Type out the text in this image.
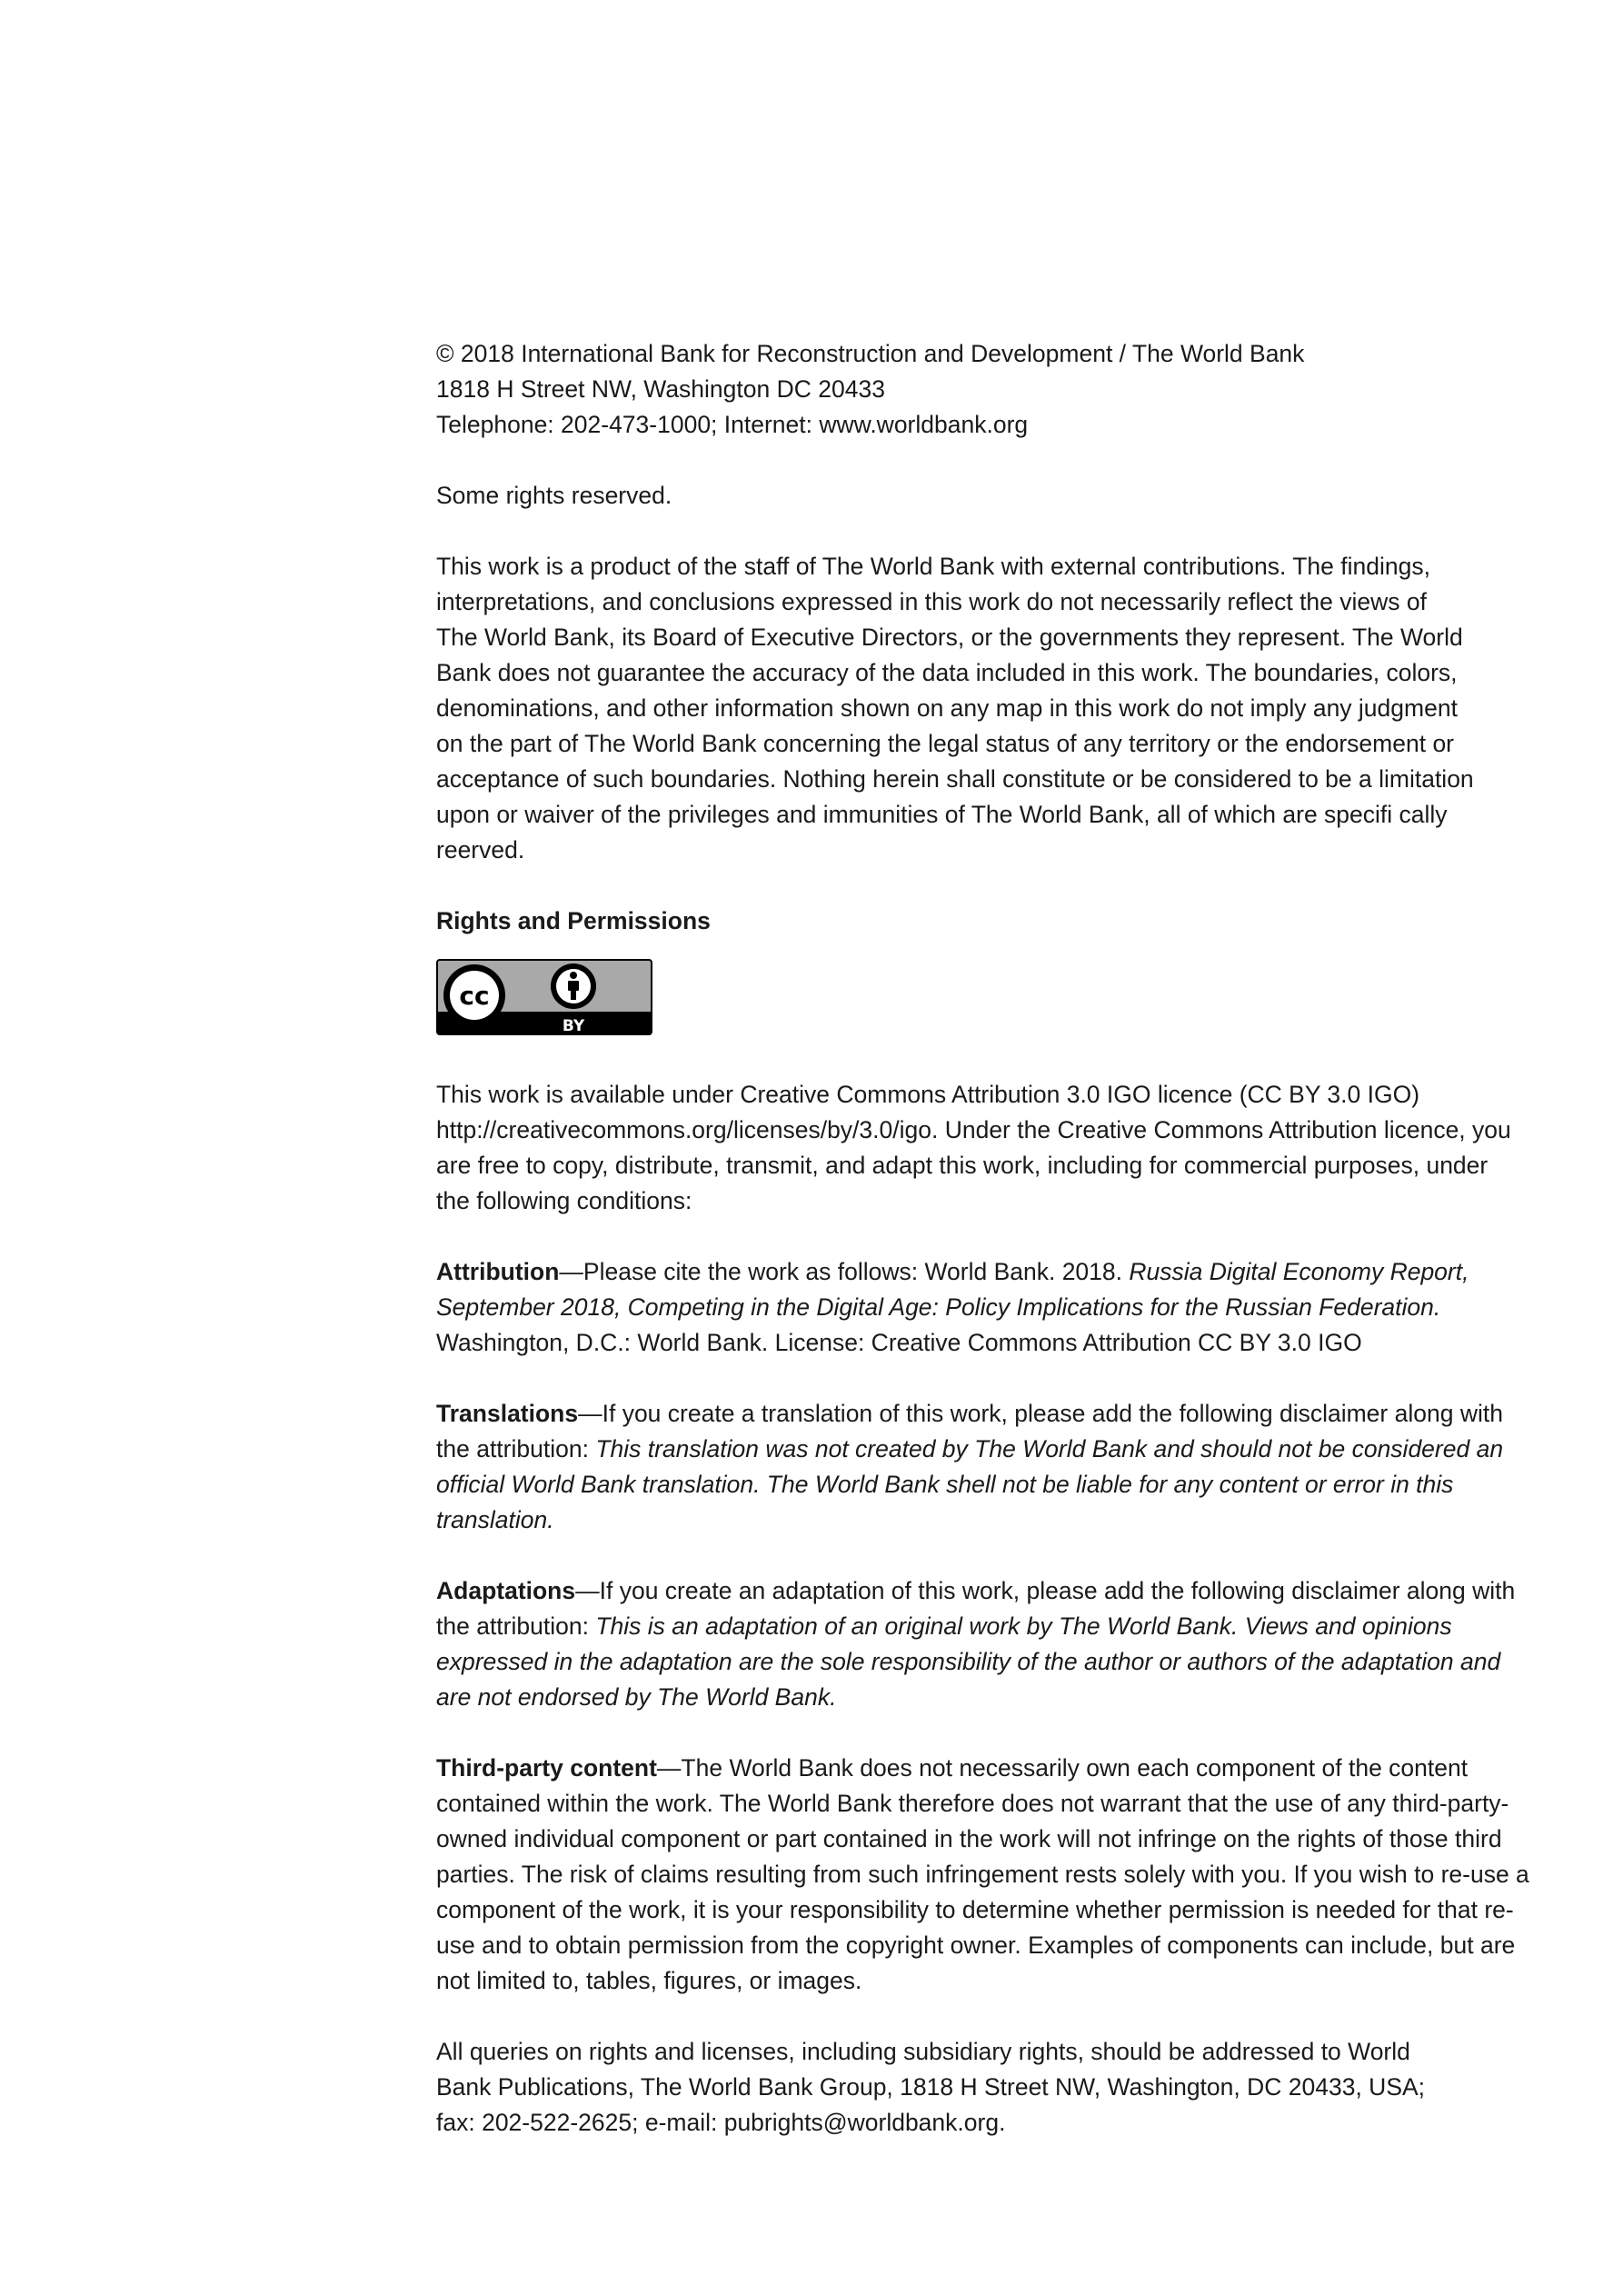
© 2018 International Bank for Reconstruction and Development / The World Bank
1818 H Street NW, Washington DC 20433
Telephone: 202-473-1000; Internet: www.worldbank.org

Some rights reserved.

This work is a product of the staff of The World Bank with external contributions. The findings,
interpretations, and conclusions expressed in this work do not necessarily reflect the views of
The World Bank, its Board of Executive Directors, or the governments they represent. The World
Bank does not guarantee the accuracy of the data included in this work. The boundaries, colors,
denominations, and other information shown on any map in this work do not imply any judgment
on the part of The World Bank concerning the legal status of any territory or the endorsement or
acceptance of such boundaries. Nothing herein shall constitute or be considered to be a limitation
upon or waiver of the privileges and immunities of The World Bank, all of which are specifi cally
reerved.

Rights and Permissions

cc
BY

This work is available under Creative Commons Attribution 3.0 IGO licence (CC BY 3.0 IGO)
http://creativecommons.org/licenses/by/3.0/igo. Under the Creative Commons Attribution licence, you
are free to copy, distribute, transmit, and adapt this work, including for commercial purposes, under
the following conditions:

Attribution—Please cite the work as follows: World Bank. 2018. Russia Digital Economy Report, September 2018, Competing in the Digital Age: Policy Implications for the Russian Federation.
Washington, D.C.: World Bank. License: Creative Commons Attribution CC BY 3.0 IGO

Translations—If you create a translation of this work, please add the following disclaimer along with the attribution: This translation was not created by The World Bank and should not be considered an official World Bank translation. The World Bank shell not be liable for any content or error in this translation.

Adaptations—If you create an adaptation of this work, please add the following disclaimer along with the attribution: This is an adaptation of an original work by The World Bank. Views and opinions expressed in the adaptation are the sole responsibility of the author or authors of the adaptation and are not endorsed by The World Bank.

Third-party content—The World Bank does not necessarily own each component of the content contained within the work. The World Bank therefore does not warrant that the use of any third-party-owned individual component or part contained in the work will not infringe on the rights of those third parties. The risk of claims resulting from such infringement rests solely with you. If you wish to re-use a component of the work, it is your responsibility to determine whether permission is needed for that re-use and to obtain permission from the copyright owner. Examples of components can include, but are not limited to, tables, figures, or images.

All queries on rights and licenses, including subsidiary rights, should be addressed to World
Bank Publications, The World Bank Group, 1818 H Street NW, Washington, DC 20433, USA;
fax: 202-522-2625; e-mail: pubrights@worldbank.org.
